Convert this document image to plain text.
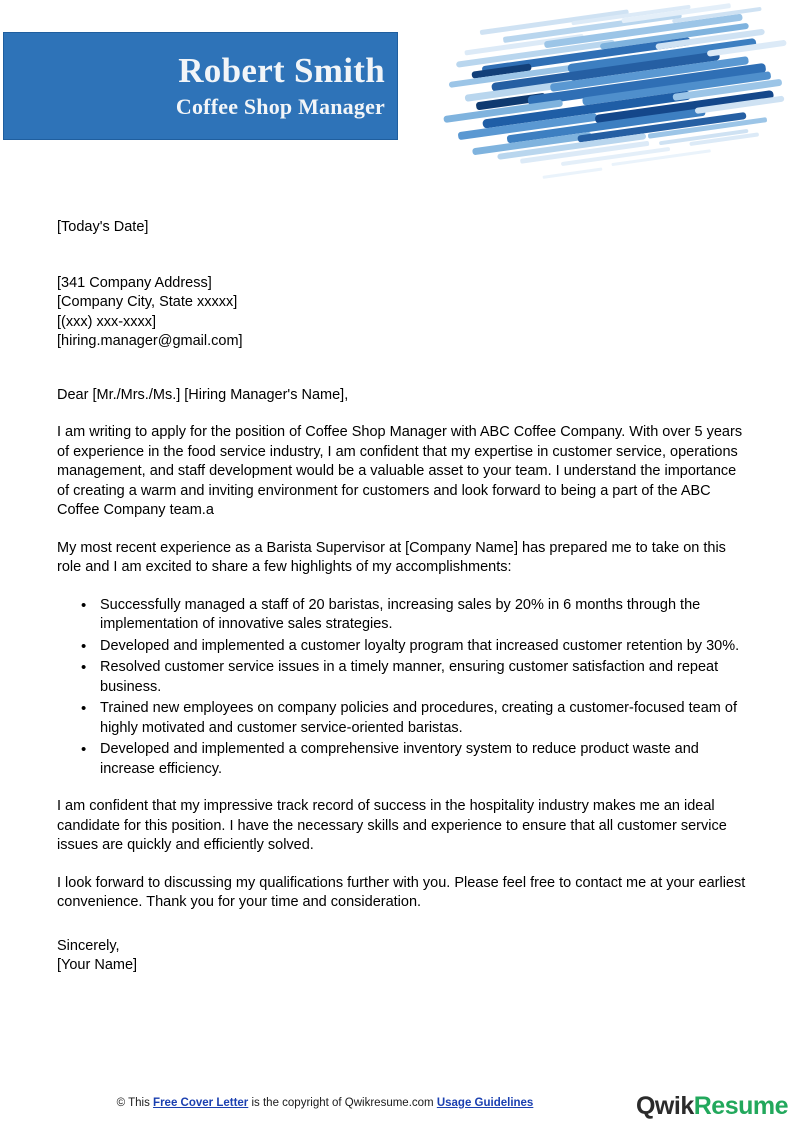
Robert Smith
Coffee Shop Manager
[Today's Date]
[341 Company Address]
[Company City, State xxxxx]
[(xxx) xxx-xxxx]
[hiring.manager@gmail.com]
Dear [Mr./Mrs./Ms.] [Hiring Manager's Name],

I am writing to apply for the position of Coffee Shop Manager with ABC Coffee Company. With over 5 years of experience in the food service industry, I am confident that my expertise in customer service, operations management, and staff development would be a valuable asset to your team. I understand the importance of creating a warm and inviting environment for customers and look forward to being a part of the ABC Coffee Company team.a

My most recent experience as a Barista Supervisor at [Company Name] has prepared me to take on this role and I am excited to share a few highlights of my accomplishments:

• Successfully managed a staff of 20 baristas, increasing sales by 20% in 6 months through the implementation of innovative sales strategies.
• Developed and implemented a customer loyalty program that increased customer retention by 30%.
• Resolved customer service issues in a timely manner, ensuring customer satisfaction and repeat business.
• Trained new employees on company policies and procedures, creating a customer-focused team of highly motivated and customer service-oriented baristas.
• Developed and implemented a comprehensive inventory system to reduce product waste and increase efficiency.

I am confident that my impressive track record of success in the hospitality industry makes me an ideal candidate for this position. I have the necessary skills and experience to ensure that all customer service issues are quickly and efficiently solved.

I look forward to discussing my qualifications further with you. Please feel free to contact me at your earliest convenience. Thank you for your time and consideration.

Sincerely,
[Your Name]
© This Free Cover Letter is the copyright of Qwikresume.com Usage Guidelines	QwikResume
